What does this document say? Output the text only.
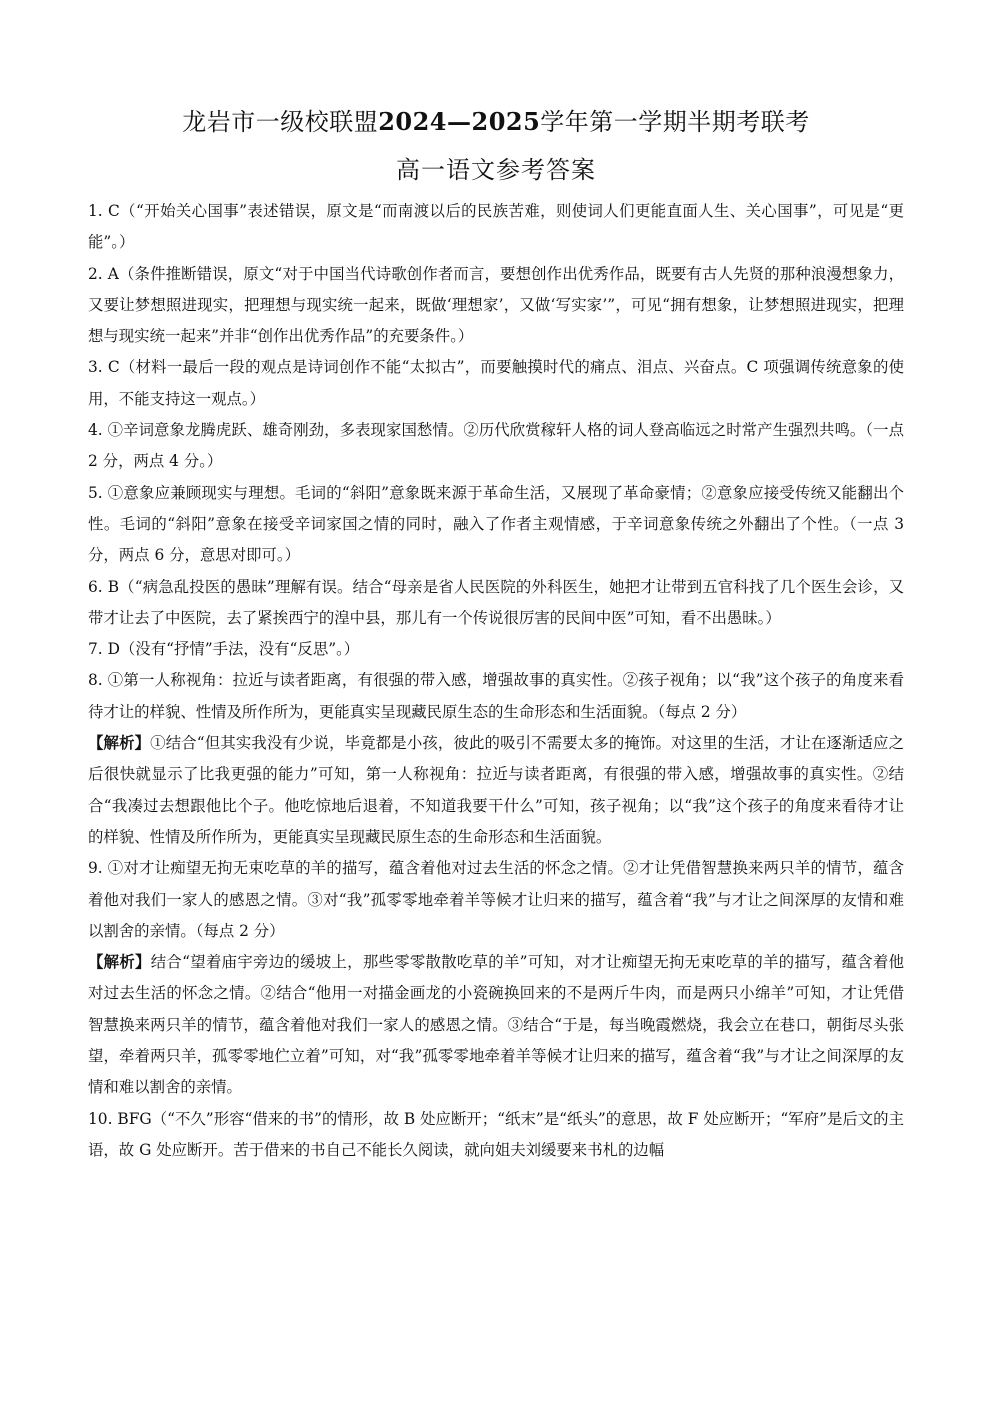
龙岩市一级校联盟2024—2025学年第一学期半期考联考
高一语文参考答案

1. C（“开始关心国事”表述错误，原文是“而南渡以后的民族苦难，则使词人们更能直面人生、关心国事”，可见是“更能”。）

2. A（条件推断错误，原文“对于中国当代诗歌创作者而言，要想创作出优秀作品，既要有古人先贤的那种浪漫想象力，又要让梦想照进现实，把理想与现实统一起来，既做‘理想家’，又做‘写实家’”，可见“拥有想象，让梦想照进现实，把理想与现实统一起来”并非“创作出优秀作品”的充要条件。）

3. C（材料一最后一段的观点是诗词创作不能“太拟古”，而要触摸时代的痛点、泪点、兴奋点。C 项强调传统意象的使用，不能支持这一观点。）

4. ①辛词意象龙腾虎跃、雄奇刚劲，多表现家国愁情。②历代欣赏稼轩人格的词人登高临远之时常产生强烈共鸣。（一点 2 分，两点 4 分。）

5. ①意象应兼顾现实与理想。毛词的“斜阳”意象既来源于革命生活，又展现了革命豪情；②意象应接受传统又能翻出个性。毛词的“斜阳”意象在接受辛词家国之情的同时，融入了作者主观情感，于辛词意象传统之外翻出了个性。（一点 3 分，两点 6 分，意思对即可。）

6. B（“病急乱投医的愚昧”理解有误。结合“母亲是省人民医院的外科医生，她把才让带到五官科找了几个医生会诊，又带才让去了中医院，去了紧挨西宁的湟中县，那儿有一个传说很厉害的民间中医”可知，看不出愚昧。）

7. D（没有“抒情”手法，没有“反思”。）

8. ①第一人称视角：拉近与读者距离，有很强的带入感，增强故事的真实性。②孩子视角；以“我”这个孩子的角度来看待才让的样貌、性情及所作所为，更能真实呈现藏民原生态的生命形态和生活面貌。（每点 2 分）

【解析】①结合“但其实我没有少说，毕竟都是小孩，彼此的吸引不需要太多的掩饰。对这里的生活，才让在逐渐适应之后很快就显示了比我更强的能力”可知，第一人称视角：拉近与读者距离，有很强的带入感，增强故事的真实性。②结合“我凑过去想跟他比个子。他吃惊地后退着，不知道我要干什么”可知，孩子视角；以“我”这个孩子的角度来看待才让的样貌、性情及所作所为，更能真实呈现藏民原生态的生命形态和生活面貌。

9. ①对才让痴望无拘无束吃草的羊的描写，蕴含着他对过去生活的怀念之情。②才让凭借智慧换来两只羊的情节，蕴含着他对我们一家人的感恩之情。③对“我”孤零零地牵着羊等候才让归来的描写，蕴含着“我”与才让之间深厚的友情和难以割舍的亲情。（每点 2 分）

【解析】结合“望着庙宇旁边的缓坡上，那些零零散散吃草的羊”可知，对才让痴望无拘无束吃草的羊的描写，蕴含着他对过去生活的怀念之情。②结合“他用一对描金画龙的小瓷碗换回来的不是两斤牛肉，而是两只小绵羊”可知，才让凭借智慧换来两只羊的情节，蕴含着他对我们一家人的感恩之情。③结合“于是，每当晚霞燃烧，我会立在巷口，朝街尽头张望，牵着两只羊，孤零零地伫立着”可知，对“我”孤零零地牵着羊等候才让归来的描写，蕴含着“我”与才让之间深厚的友情和难以割舍的亲情。

10. BFG（“不久”形容“借来的书”的情形，故 B 处应断开；“纸末”是“纸头”的意思，故 F 处应断开；“军府”是后文的主语，故 G 处应断开。苦于借来的书自己不能长久阅读，就向姐夫刘缓要来书札的边幅
